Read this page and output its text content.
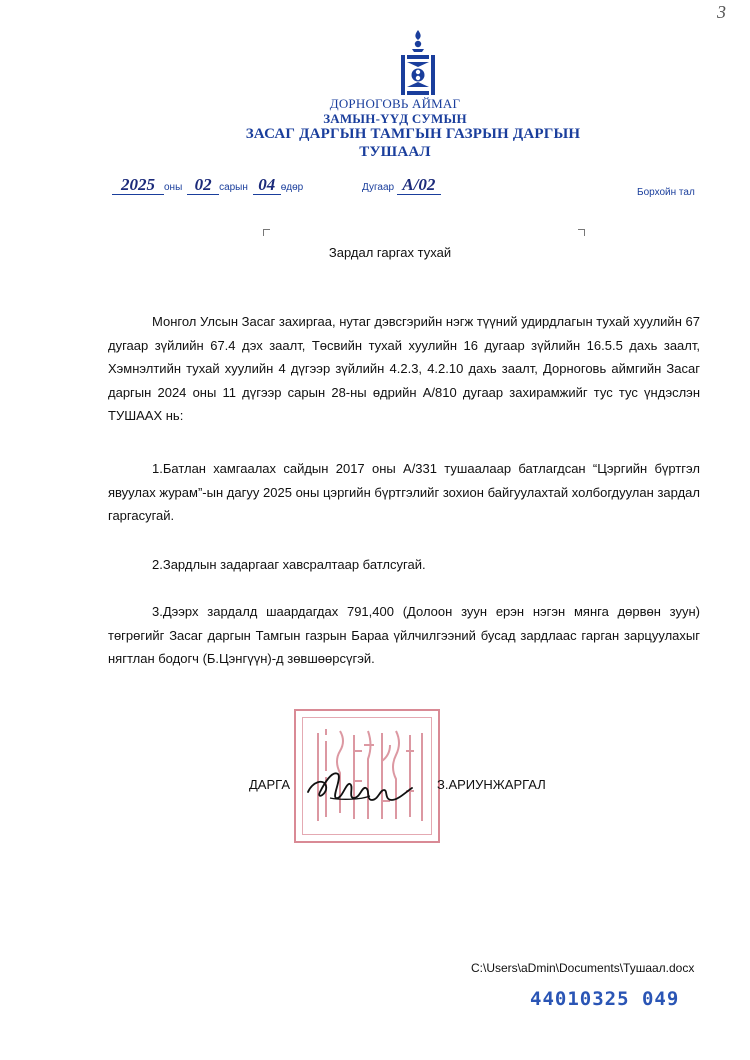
3
ДОРНОГОВЬ АЙМАГ
ЗАМЫН-ҮҮД СУМЫН
ЗАСАГ ДАРГЫН ТАМГЫН ГАЗРЫН ДАРГЫН
ТУШААЛ
2025 оны 02 сарын 04 өдөр	Дугаар А/02	Борхойн тал
Зардал гаргах тухай

Монгол Улсын Засаг захиргаа, нутаг дэвсгэрийн нэгж түүний удирдлагын тухай хуулийн 67 дугаар зүйлийн 67.4 дэх заалт, Төсвийн тухай хуулийн 16 дугаар зүйлийн 16.5.5 дахь заалт, Хэмнэлтийн тухай хуулийн 4 дүгээр зүйлийн 4.2.3, 4.2.10 дахь заалт, Дорноговь аймгийн Засаг даргын 2024 оны 11 дүгээр сарын 28-ны өдрийн А/810 дугаар захирамжийг тус тус үндэслэн ТУШААХ нь:

1.Батлан хамгаалах сайдын 2017 оны А/331 тушаалаар батлагдсан “Цэргийн бүртгэл явуулах журам”-ын дагуу 2025 оны цэргийн бүртгэлийг зохион байгуулахтай холбогдуулан зардал гаргасугай.

2.Зардлын задаргааг хавсралтаар батлсугай.

3.Дээрх зардалд шаардагдах 791,400 (Долоон зуун ерэн нэгэн мянга дөрвөн зуун) төгрөгийг Засаг даргын Тамгын газрын Бараа үйлчилгээний бусад зардлаас гарган зарцуулахыг нягтлан бодогч (Б.Цэнгүүн)-д зөвшөөрсүгэй.

ДАРГА	З.АРИУНЖАРГАЛ
C:\Users\aDmin\Documents\Тушаал.docx
44010325 049
